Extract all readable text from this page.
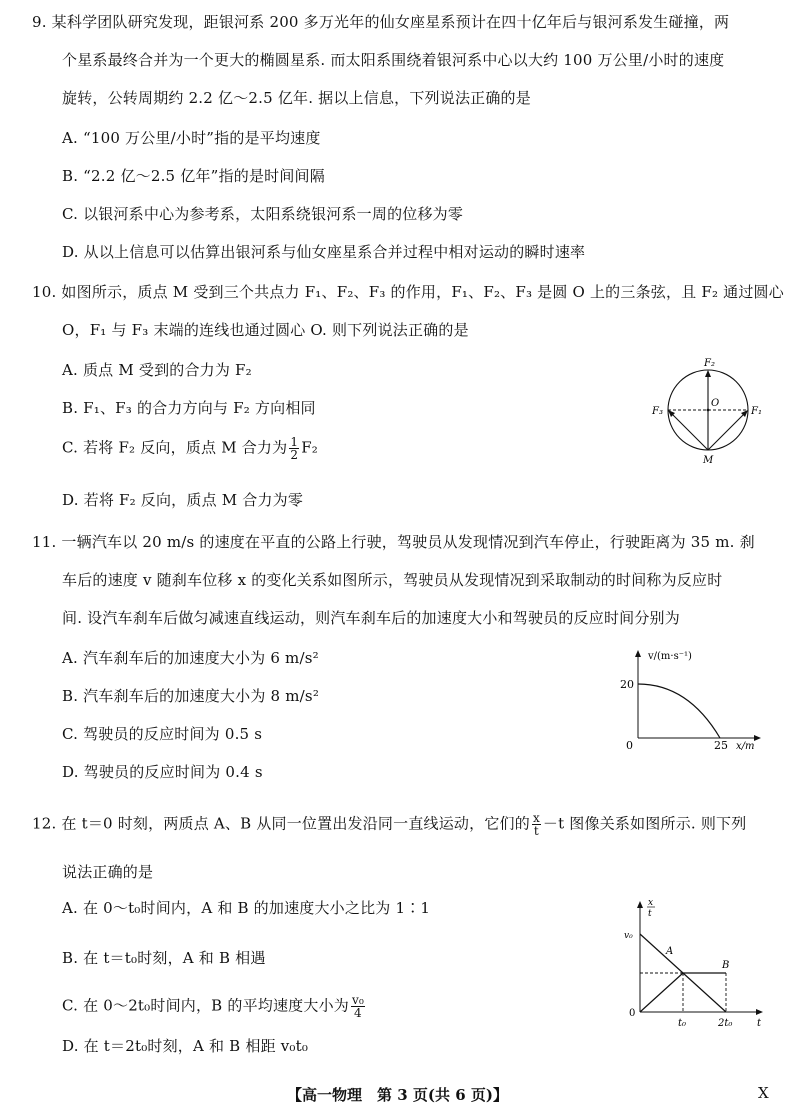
9. 某科学团队研究发现，距银河系 200 多万光年的仙女座星系预计在四十亿年后与银河系发生碰撞，两
个星系最终合并为一个更大的椭圆星系. 而太阳系围绕着银河系中心以大约 100 万公里/小时的速度
旋转，公转周期约 2.2 亿～2.5 亿年. 据以上信息，下列说法正确的是
A. “100 万公里/小时”指的是平均速度
B. “2.2 亿～2.5 亿年”指的是时间间隔
C. 以银河系中心为参考系，太阳系绕银河系一周的位移为零
D. 从以上信息可以估算出银河系与仙女座星系合并过程中相对运动的瞬时速率
10. 如图所示，质点 M 受到三个共点力 F₁、F₂、F₃ 的作用，F₁、F₂、F₃ 是圆 O 上的三条弦，且 F₂ 通过圆心
O，F₁ 与 F₃ 末端的连线也通过圆心 O. 则下列说法正确的是
A. 质点 M 受到的合力为 F₂
B. F₁、F₃ 的合力方向与 F₂ 方向相同
C. 若将 F₂ 反向，质点 M 合力为 $\frac{1}{2} F_2$
D. 若将 F₂ 反向，质点 M 合力为零
F₂
O
F₁
F₃
M
11. 一辆汽车以 20 m/s 的速度在平直的公路上行驶，驾驶员从发现情况到汽车停止，行驶距离为 35 m. 刹
车后的速度 v 随刹车位移 x 的变化关系如图所示，驾驶员从发现情况到采取制动的时间称为反应时
间. 设汽车刹车后做匀减速直线运动，则汽车刹车后的加速度大小和驾驶员的反应时间分别为
A. 汽车刹车后的加速度大小为 6 m/s²
B. 汽车刹车后的加速度大小为 8 m/s²
C. 驾驶员的反应时间为 0.5 s
D. 驾驶员的反应时间为 0.4 s
v/(m·s⁻¹)
20
0	25 x/m
12. 在 t＝0 时刻，两质点 A、B 从同一位置出发沿同一直线运动，它们的 $\frac{x}{t} -t$ 图像关系如图所示. 则下列
说法正确的是
A. 在 0～t₀时间内，A 和 B 的加速度大小之比为 1∶1
B. 在 t＝t₀时刻，A 和 B 相遇
C. 在 0～2t₀时间内，B 的平均速度大小为 $\frac{\text{v₀}}{4}$
D. 在 t＝2t₀时刻，A 和 B 相距 v₀t₀
x
t
v₀
A
B
0
t₀	2t₀ t
【高一物理　第 3 页(共 6 页)】	X
